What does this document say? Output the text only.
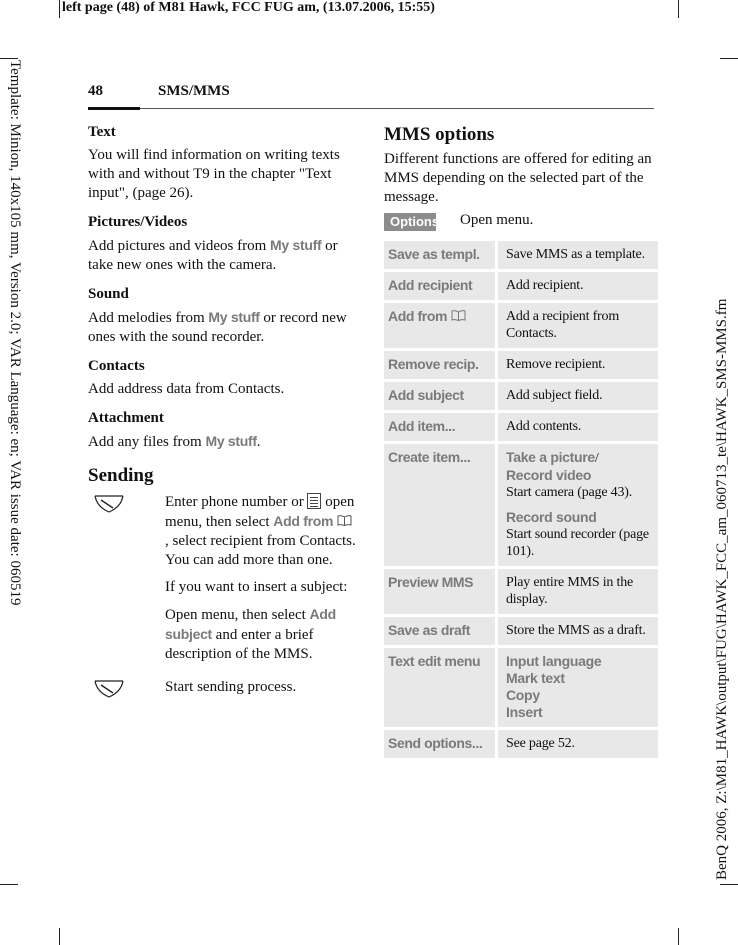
left page (48) of M81 Hawk, FCC FUG am, (13.07.2006, 15:55)
Template: Minion, 140x105 mm, Version 2.0; VAR Language: en; VAR issue date: 060519	BenQ 2006, Z:\M81_HAWK\output\FUG\HAWK_FCC_am_060713_te\HAWK_SMS-MMS.fm
48	SMS/MMS
Text

You will find information on writing texts with and without T9 in the chapter "Text input", (page 26).

Pictures/Videos

Add pictures and videos from My stuff or take new ones with the camera.

Sound

Add melodies from My stuff or record new ones with the sound recorder.

Contacts

Add address data from Contacts.

Attachment

Add any files from My stuff.

Sending

Enter phone number or
open menu, then select Add from  , select recipient from Contacts. You can add more than one.

If you want to insert a subject:

Open menu, then select Add subject and enter a brief description of the MMS.

Start sending process.

MMS options

Different functions are offered for editing an MMS depending on the selected part of the message.

Options Open menu.
Save as templ.	Save MMS as a template.
Add recipient	Add recipient.
Add from	Add a recipient from Contacts.
Remove recip.	Remove recipient.
Add subject	Add subject field.
Add item...	Add contents.
Create item...	Take a picture/
Record video
Start camera (page 43).
Record sound
Start sound recorder (page 101).

Preview MMS	Play entire MMS in the display.
Save as draft	Store the MMS as a draft.
Text edit menu	Input language
Mark text
Copy
Insert

Send options...	See page 52.
